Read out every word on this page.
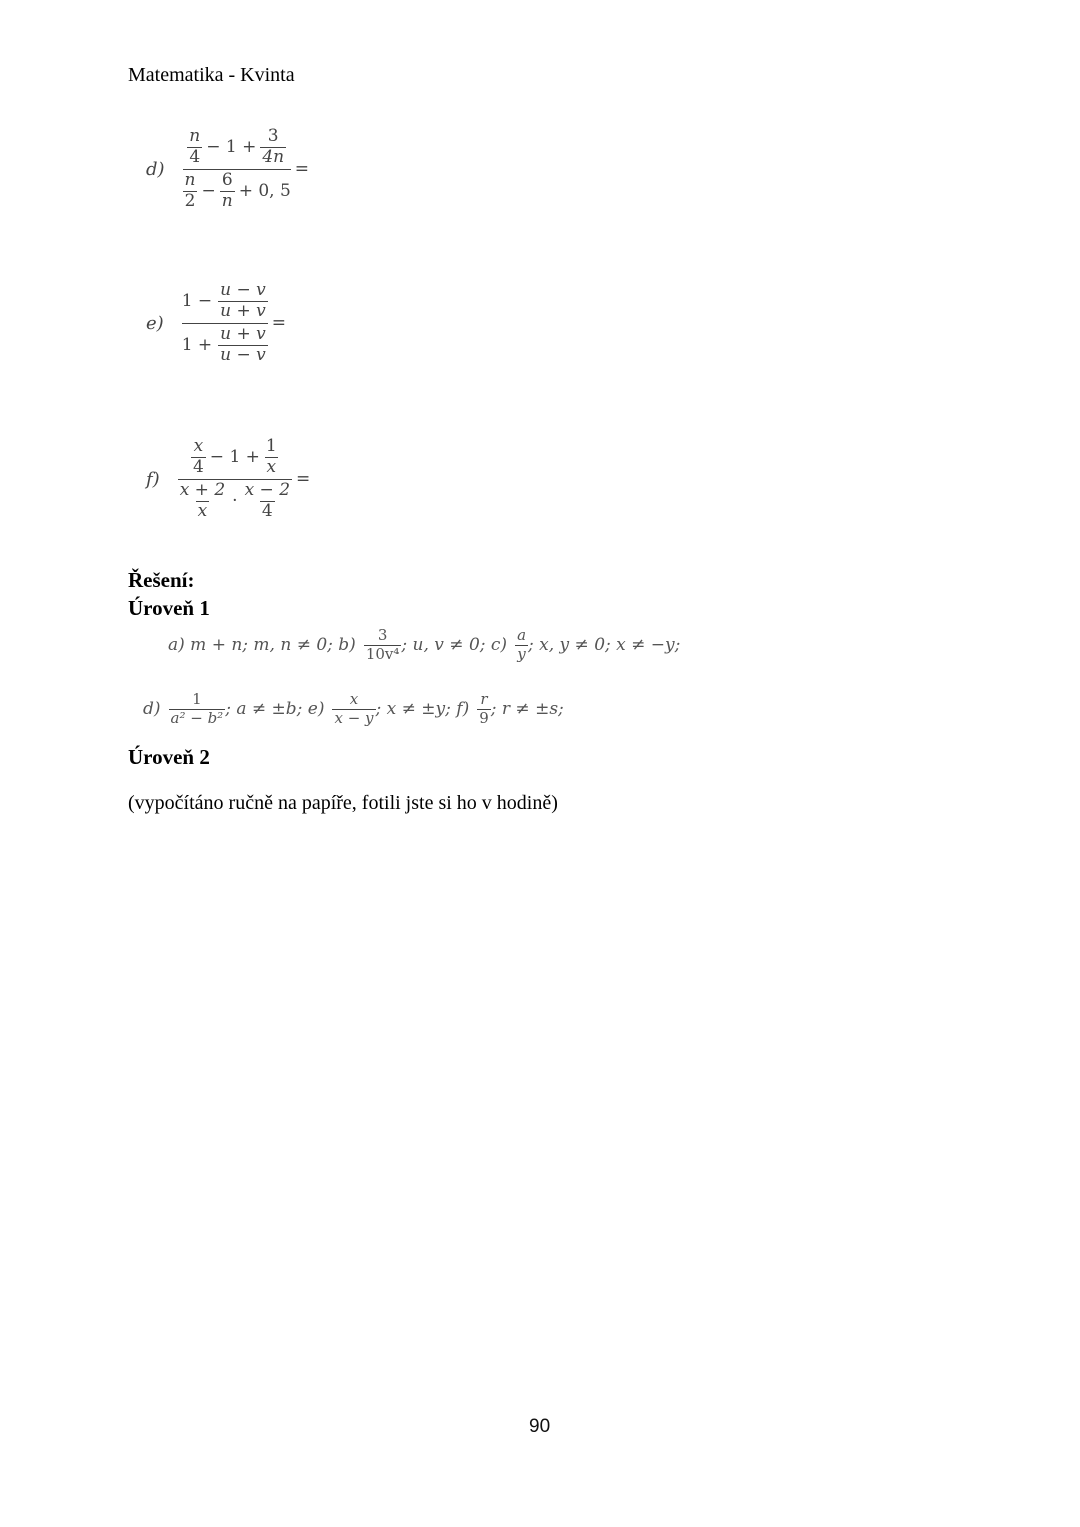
Matematika - Kvinta
$d) \frac{\frac{n}{4} - 1 + \frac{3}{4n}}{\frac{n}{2} - \frac{6}{n} + 0, 5}$ =
$e) \frac{1 - \frac{u - v}{u + v}}{1 + \frac{u + v}{u - v}}$ =
$f) \frac{\frac{x}{4} - 1 + \frac{1}{x}}{\frac{x + 2}{x} \cdot \frac{x - 2}{4}}$ =
Řešení:
Úroveň 1
a) m + n; m, n ≠ 0; $b) \frac{3}{\text{10v⁴}}$ ; u, v ≠ 0; $c) \frac{a}{y}$ ; x, y ≠ 0; x ≠ −y;
$d) \frac{1}{\text{a² − b²}}$ ; a ≠ ±b; $e) \frac{x}{x - y}$ ; x ≠ ±y; $f) \frac{r}{9}$ ; r ≠ ±s;
Úroveň 2
(vypočítáno ručně na papíře, fotili jste si ho v hodině)
90
